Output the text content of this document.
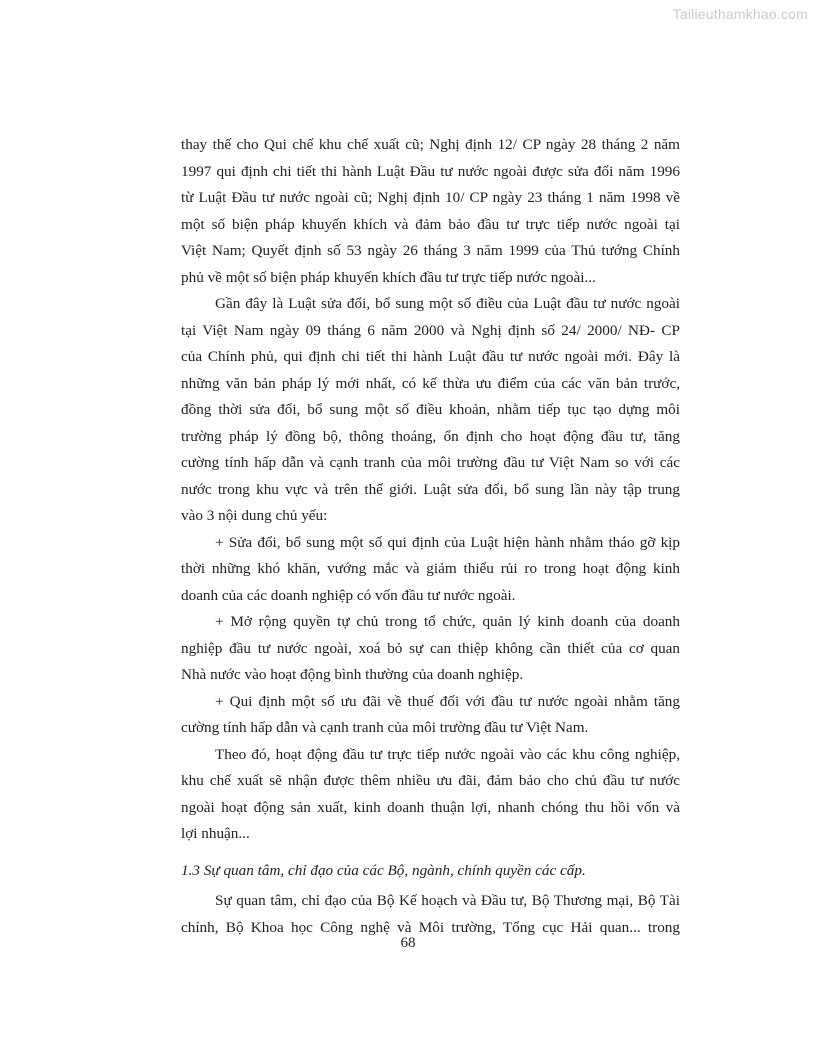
Tailieuthamkhao.com
thay thế cho Qui chế khu chế xuất cũ; Nghị định 12/ CP ngày 28 tháng 2 năm
1997 qui định chi tiết thi hành Luật Đầu tư nước ngoài được sửa đổi năm 1996
từ Luật Đầu tư nước ngoài cũ; Nghị định 10/ CP ngày 23 tháng 1 năm 1998 về
một số biện pháp khuyến khích và đảm bảo đầu tư trực tiếp nước ngoài tại
Việt Nam; Quyết định số 53 ngày 26 tháng 3 năm 1999 của Thủ tướng Chính
phủ về một số biện pháp khuyến khích đầu tư trực tiếp nước ngoài...
Gần đây là Luật sửa đổi, bổ sung một số điều của Luật đầu tư nước ngoài
tại Việt Nam ngày 09 tháng 6 năm 2000 và Nghị định số 24/ 2000/ NĐ- CP
của Chính phủ, qui định chi tiết thi hành Luật đầu tư nước ngoài mới. Đây là
những văn bản pháp lý mới nhất, có kế thừa ưu điểm của các văn bản trước,
đồng thời sửa đổi, bổ sung một số điều khoản, nhằm tiếp tục tạo dựng môi
trường pháp lý đồng bộ, thông thoáng, ổn định cho hoạt động đầu tư, tăng
cường tính hấp dẫn và cạnh tranh của môi trường đầu tư Việt Nam so với các
nước trong khu vực và trên thế giới. Luật sửa đổi, bổ sung lần này tập trung
vào 3 nội dung chủ yếu:
+ Sửa đổi, bổ sung một số qui định của Luật hiện hành nhằm tháo gỡ kịp
thời những khó khăn, vướng mắc và giảm thiểu rủi ro trong hoạt động kinh
doanh của các doanh nghiệp có vốn đầu tư nước ngoài.
+ Mở rộng quyền tự chủ trong tổ chức, quản lý kinh doanh của doanh
nghiệp đầu tư nước ngoài, xoá bỏ sự can thiệp không cần thiết của cơ quan
Nhà nước vào hoạt động bình thường của doanh nghiệp.
+ Qui định một số ưu đãi về thuế đối với đầu tư nước ngoài nhằm tăng
cường tính hấp dẫn và cạnh tranh của môi trường đầu tư Việt Nam.
Theo đó, hoạt động đầu tư trực tiếp nước ngoài vào các khu công nghiệp,
khu chế xuất sẽ nhận được thêm nhiều ưu đãi, đảm bảo cho chủ đầu tư nước
ngoài hoạt động sản xuất, kinh doanh thuận lợi, nhanh chóng thu hồi vốn và
lợi nhuận...
1.3 Sự quan tâm, chỉ đạo của các Bộ, ngành, chính quyền các cấp.
Sự quan tâm, chỉ đạo của Bộ Kế hoạch và Đầu tư, Bộ Thương mại, Bộ Tài
chính, Bộ Khoa học Công nghệ và Môi trường, Tổng cục Hải quan... trong
68
